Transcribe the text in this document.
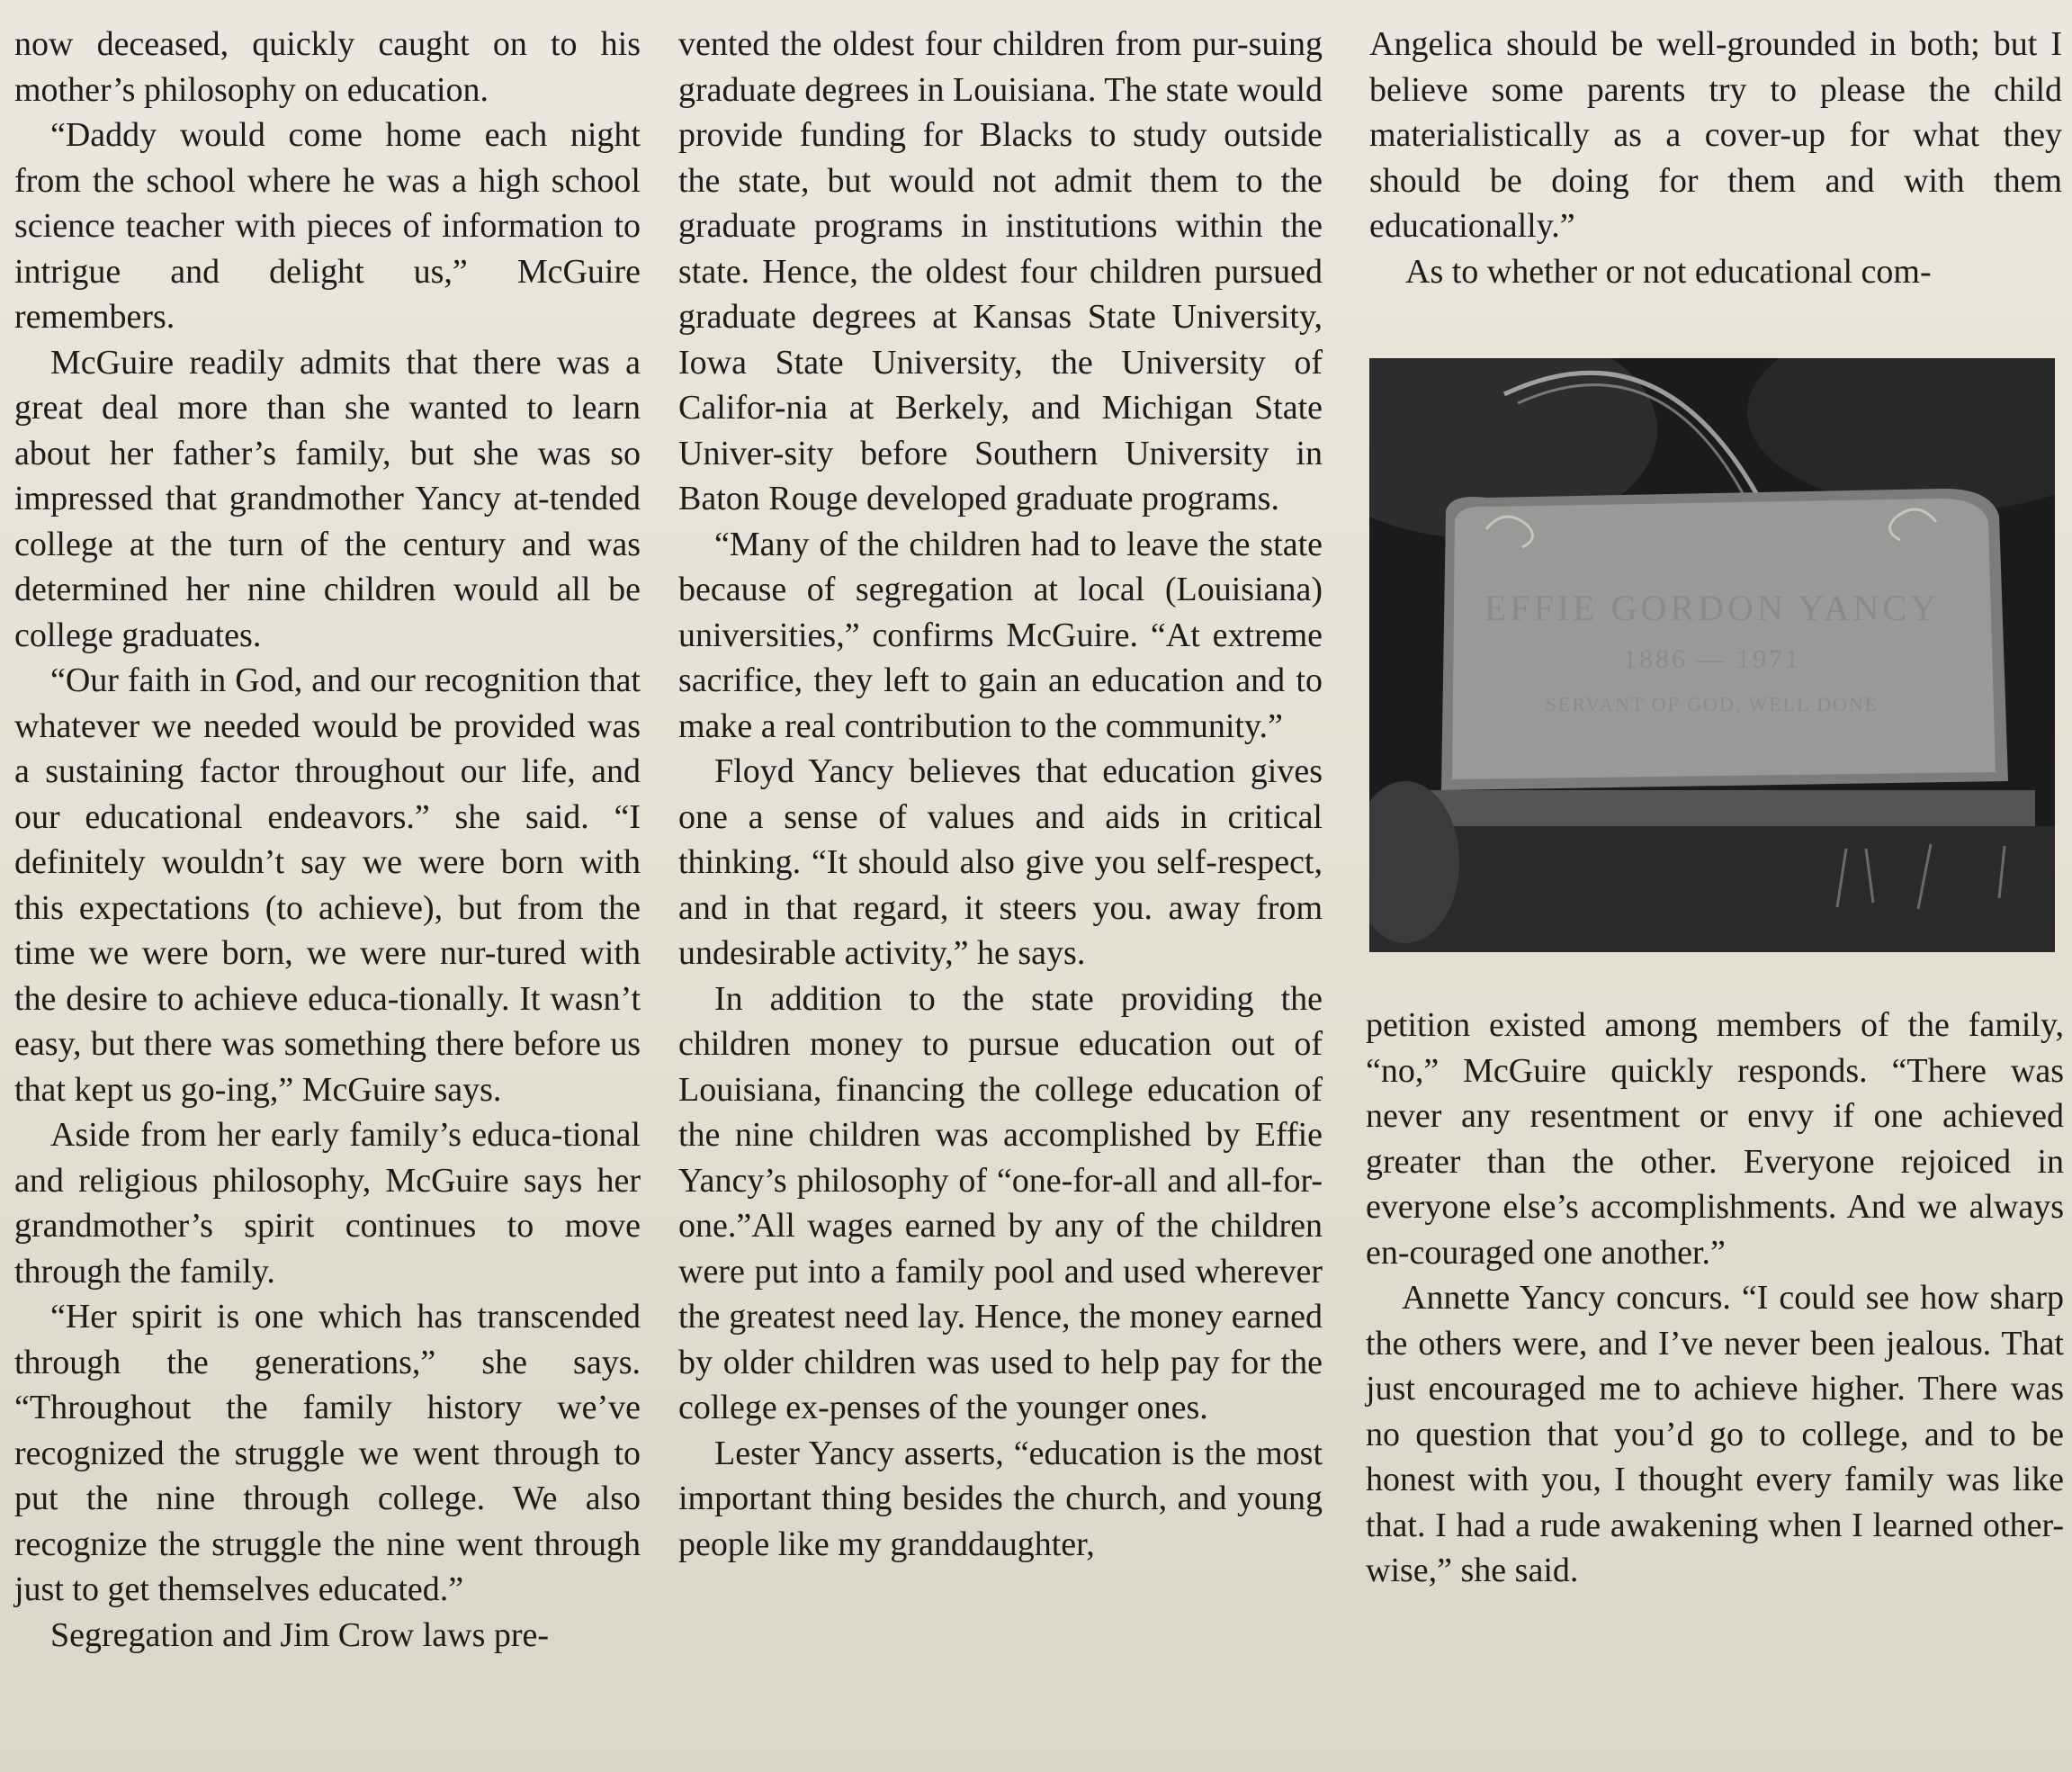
now deceased, quickly caught on to his mother’s philosophy on education.

“Daddy would come home each night from the school where he was a high school science teacher with pieces of information to intrigue and delight us,” McGuire remembers.

McGuire readily admits that there was a great deal more than she wanted to learn about her father’s family, but she was so impressed that grandmother Yancy at-tended college at the turn of the century and was determined her nine children would all be college graduates.

“Our faith in God, and our recognition that whatever we needed would be provided was a sustaining factor throughout our life, and our educational endeavors.” she said. “I definitely wouldn’t say we were born with this expectations (to achieve), but from the time we were born, we were nur-tured with the desire to achieve educa-tionally. It wasn’t easy, but there was something there before us that kept us go-ing,” McGuire says.

Aside from her early family’s educa-tional and religious philosophy, McGuire says her grandmother’s spirit continues to move through the family.

“Her spirit is one which has transcended through the generations,” she says. “Throughout the family history we’ve recognized the struggle we went through to put the nine through college. We also recognize the struggle the nine went through just to get themselves educated.”

Segregation and Jim Crow laws pre-

vented the oldest four children from pur-suing graduate degrees in Louisiana. The state would provide funding for Blacks to study outside the state, but would not admit them to the graduate programs in institutions within the state. Hence, the oldest four children pursued graduate degrees at Kansas State University, Iowa State University, the University of Califor-nia at Berkely, and Michigan State Univer-sity before Southern University in Baton Rouge developed graduate programs.

“Many of the children had to leave the state because of segregation at local (Louisiana) universities,” confirms McGuire. “At extreme sacrifice, they left to gain an education and to make a real contribution to the community.”

Floyd Yancy believes that education gives one a sense of values and aids in critical thinking. “It should also give you self-respect, and in that regard, it steers you. away from undesirable activity,” he says.

In addition to the state providing the children money to pursue education out of Louisiana, financing the college education of the nine children was accomplished by Effie Yancy’s philosophy of “one-for-all and all-for-one.”All wages earned by any of the children were put into a family pool and used wherever the greatest need lay. Hence, the money earned by older children was used to help pay for the college ex-penses of the younger ones.

Lester Yancy asserts, “education is the most important thing besides the church, and young people like my granddaughter,

Angelica should be well-grounded in both; but I believe some parents try to please the child materialistically as a cover-up for what they should be doing for them and with them educationally.”

As to whether or not educational com-

EFFIE GORDON YANCY
1886 — 1971
SERVANT OF GOD, WELL DONE

petition existed among members of the family, “no,” McGuire quickly responds. “There was never any resentment or envy if one achieved greater than the other. Everyone rejoiced in everyone else’s accomplishments. And we always en-couraged one another.”

Annette Yancy concurs. “I could see how sharp the others were, and I’ve never been jealous. That just encouraged me to achieve higher. There was no question that you’d go to college, and to be honest with you, I thought every family was like that. I had a rude awakening when I learned other-wise,” she said.
